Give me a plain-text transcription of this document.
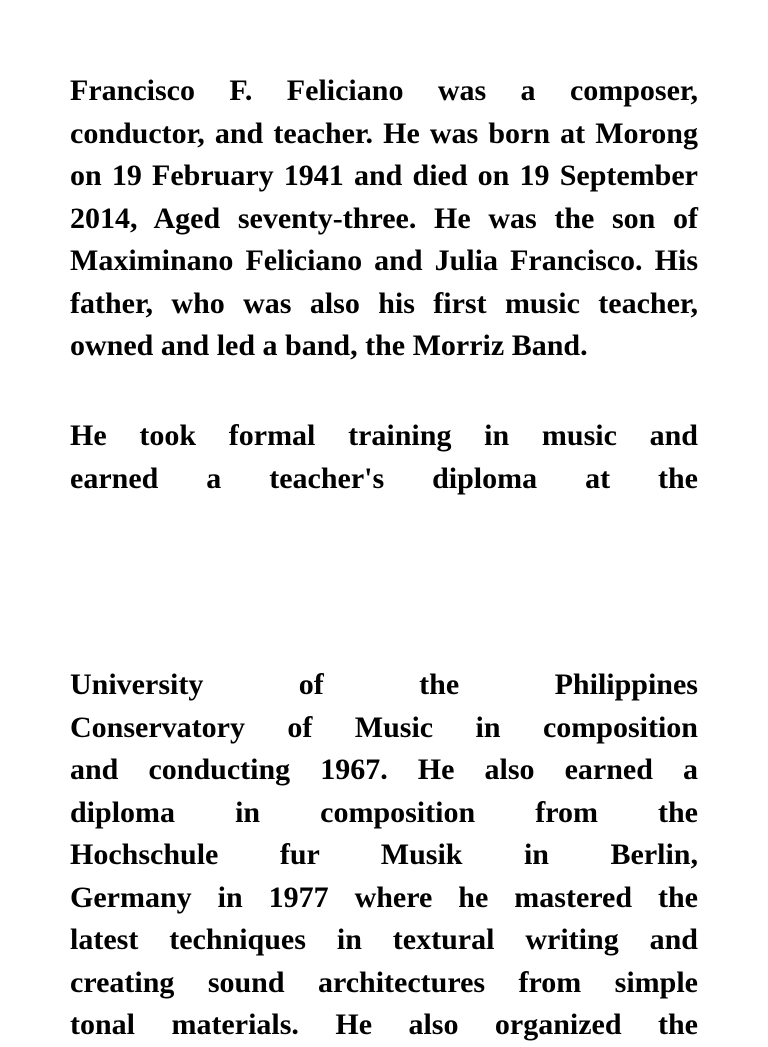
Francisco F. Feliciano was a composer, conductor, and teacher. He was born at Morong on 19 February 1941 and died on 19 September 2014, Aged seventy-three. He was the son of Maximinano Feliciano and Julia Francisco. His father, who was also his first music teacher, owned and led a band, the Morriz Band.

He took formal training in music and
earned a teacher's diploma at the
University of the Philippines
Conservatory of Music in composition
and conducting 1967. He also earned a
diploma in composition from the
Hochschule fur Musik in Berlin,
Germany in 1977 where he mastered the
latest techniques in textural writing and
creating sound architectures from simple
tonal materials. He also organized the
